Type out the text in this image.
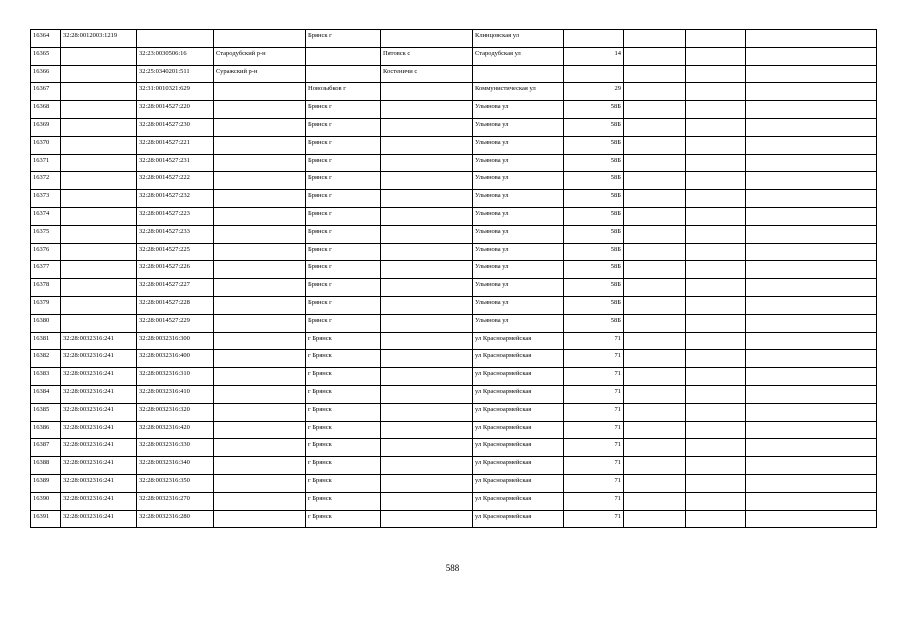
16364	32:28:0012003:1219			Брянск г		Клинцовская ул				
16365		32:23:0030506:16	Стародубский р-н		Пятовск с	Стародубская ул	14			
16366		32:25:0340201:511	Суражский р-н		Костеничи с					
16367		32:31:0010321:629		Новозыбков г		Коммунистическая ул	29			
16368		32:28:0014527:220		Брянск г		Ульянова ул	58Б			
16369		32:28:0014527:230		Брянск г		Ульянова ул	58Б			
16370		32:28:0014527:221		Брянск г		Ульянова ул	58Б			
16371		32:28:0014527:231		Брянск г		Ульянова ул	58Б			
16372		32:28:0014527:222		Брянск г		Ульянова ул	58Б			
16373		32:28:0014527:232		Брянск г		Ульянова ул	58Б			
16374		32:28:0014527:223		Брянск г		Ульянова ул	58Б			
16375		32:28:0014527:233		Брянск г		Ульянова ул	58Б			
16376		32:28:0014527:225		Брянск г		Ульянова ул	58Б			
16377		32:28:0014527:226		Брянск г		Ульянова ул	58Б			
16378		32:28:0014527:227		Брянск г		Ульянова ул	58Б			
16379		32:28:0014527:228		Брянск г		Ульянова ул	58Б			
16380		32:28:0014527:229		Брянск г		Ульянова ул	58Б			
16381	32:28:0032316:241	32:28:0032316:300		г Брянск		ул Красноармейская	71			
16382	32:28:0032316:241	32:28:0032316:400		г Брянск		ул Красноармейская	71			
16383	32:28:0032316:241	32:28:0032316:310		г Брянск		ул Красноармейская	71			
16384	32:28:0032316:241	32:28:0032316:410		г Брянск		ул Красноармейская	71			
16385	32:28:0032316:241	32:28:0032316:320		г Брянск		ул Красноармейская	71			
16386	32:28:0032316:241	32:28:0032316:420		г Брянск		ул Красноармейская	71			
16387	32:28:0032316:241	32:28:0032316:330		г Брянск		ул Красноармейская	71			
16388	32:28:0032316:241	32:28:0032316:340		г Брянск		ул Красноармейская	71			
16389	32:28:0032316:241	32:28:0032316:350		г Брянск		ул Красноармейская	71			
16390	32:28:0032316:241	32:28:0032316:270		г Брянск		ул Красноармейская	71			
16391	32:28:0032316:241	32:28:0032316:280		г Брянск		ул Красноармейская	71			
588
